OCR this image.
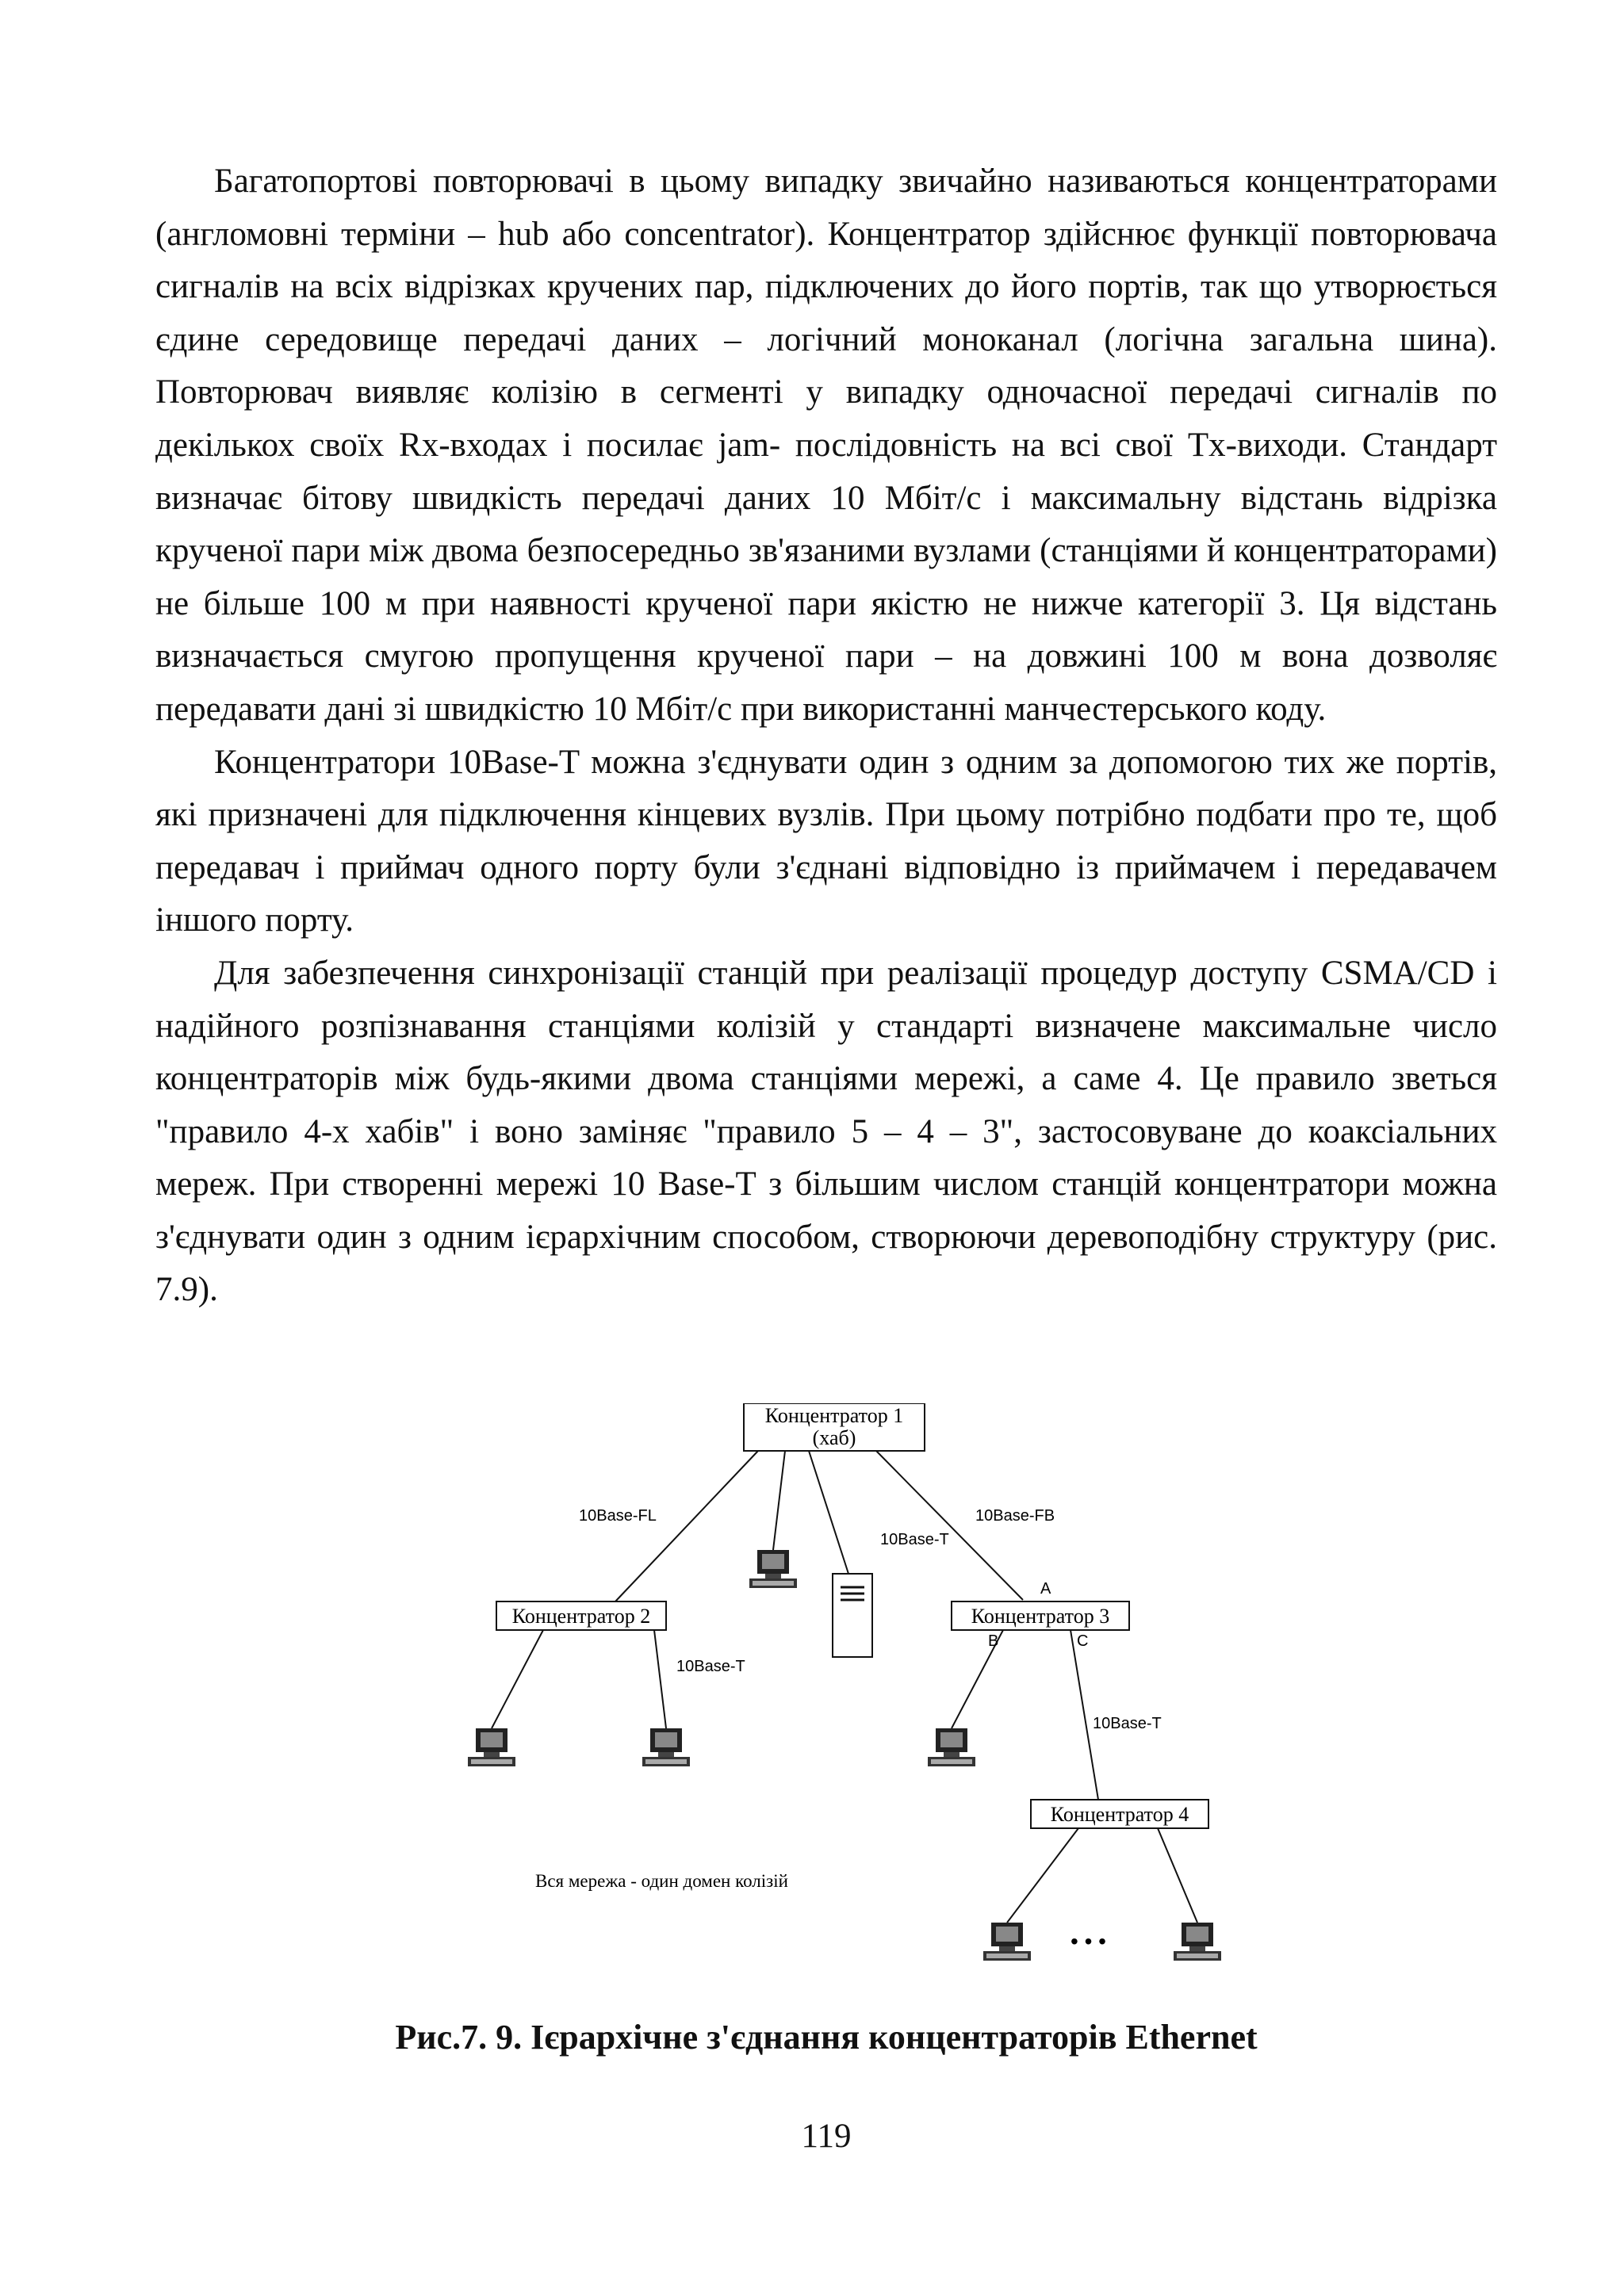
Багатопортові повторювачі в цьому випадку звичайно називаються концентраторами (англомовні терміни – hub або concentrator). Концентратор здійснює функції повторювача сигналів на всіх відрізках кручених пар, підключених до його портів, так що утворюється єдине середовище передачі даних – логічний моноканал (логічна загальна шина). Повторювач виявляє колізію в сегменті у випадку одночасної передачі сигналів по декількох своїх Rх-входах і посилає jam- послідовність на всі свої Tх-виходи. Стандарт визначає бітову швидкість передачі даних 10 Мбіт/с і максимальну відстань відрізка крученої пари між двома безпосередньо зв'язаними вузлами (станціями й концентраторами) не більше 100 м при наявності крученої пари якістю не нижче категорії 3. Ця відстань визначається смугою пропущення крученої пари – на довжині 100 м вона дозволяє передавати дані зі швидкістю 10 Мбіт/с при використанні манчестерського коду.

Концентратори 10Base-T можна з'єднувати один з одним за допомогою тих же портів, які призначені для підключення кінцевих вузлів. При цьому потрібно подбати про те, щоб передавач і приймач одного порту були з'єднані відповідно із приймачем і передавачем іншого порту.

Для забезпечення синхронізації станцій при реалізації процедур доступу CSMA/CD і надійного розпізнавання станціями колізій у стандарті визначене максимальне число концентраторів між будь-якими двома станціями мережі, а саме 4. Це правило зветься "правило 4-х хабів" і воно заміняє "правило 5 – 4 – 3", застосовуване до коаксіальних мереж. При створенні мережі 10 Base-T з більшим числом станцій концентратори можна з'єднувати один з одним ієрархічним способом, створюючи деревоподібну структуру (рис. 7.9).

Концентратор 1
(хаб)
Концентратор 2	Концентратор 3
Концентратор 4
10Base-FL	10Base-FB
10Base-T
10Base-T
10Base-T
A
B	C
Вся мережа - один домен колізій
• • •
Рис.7. 9. Ієрархічне з'єднання концентраторів Ethernet
119
